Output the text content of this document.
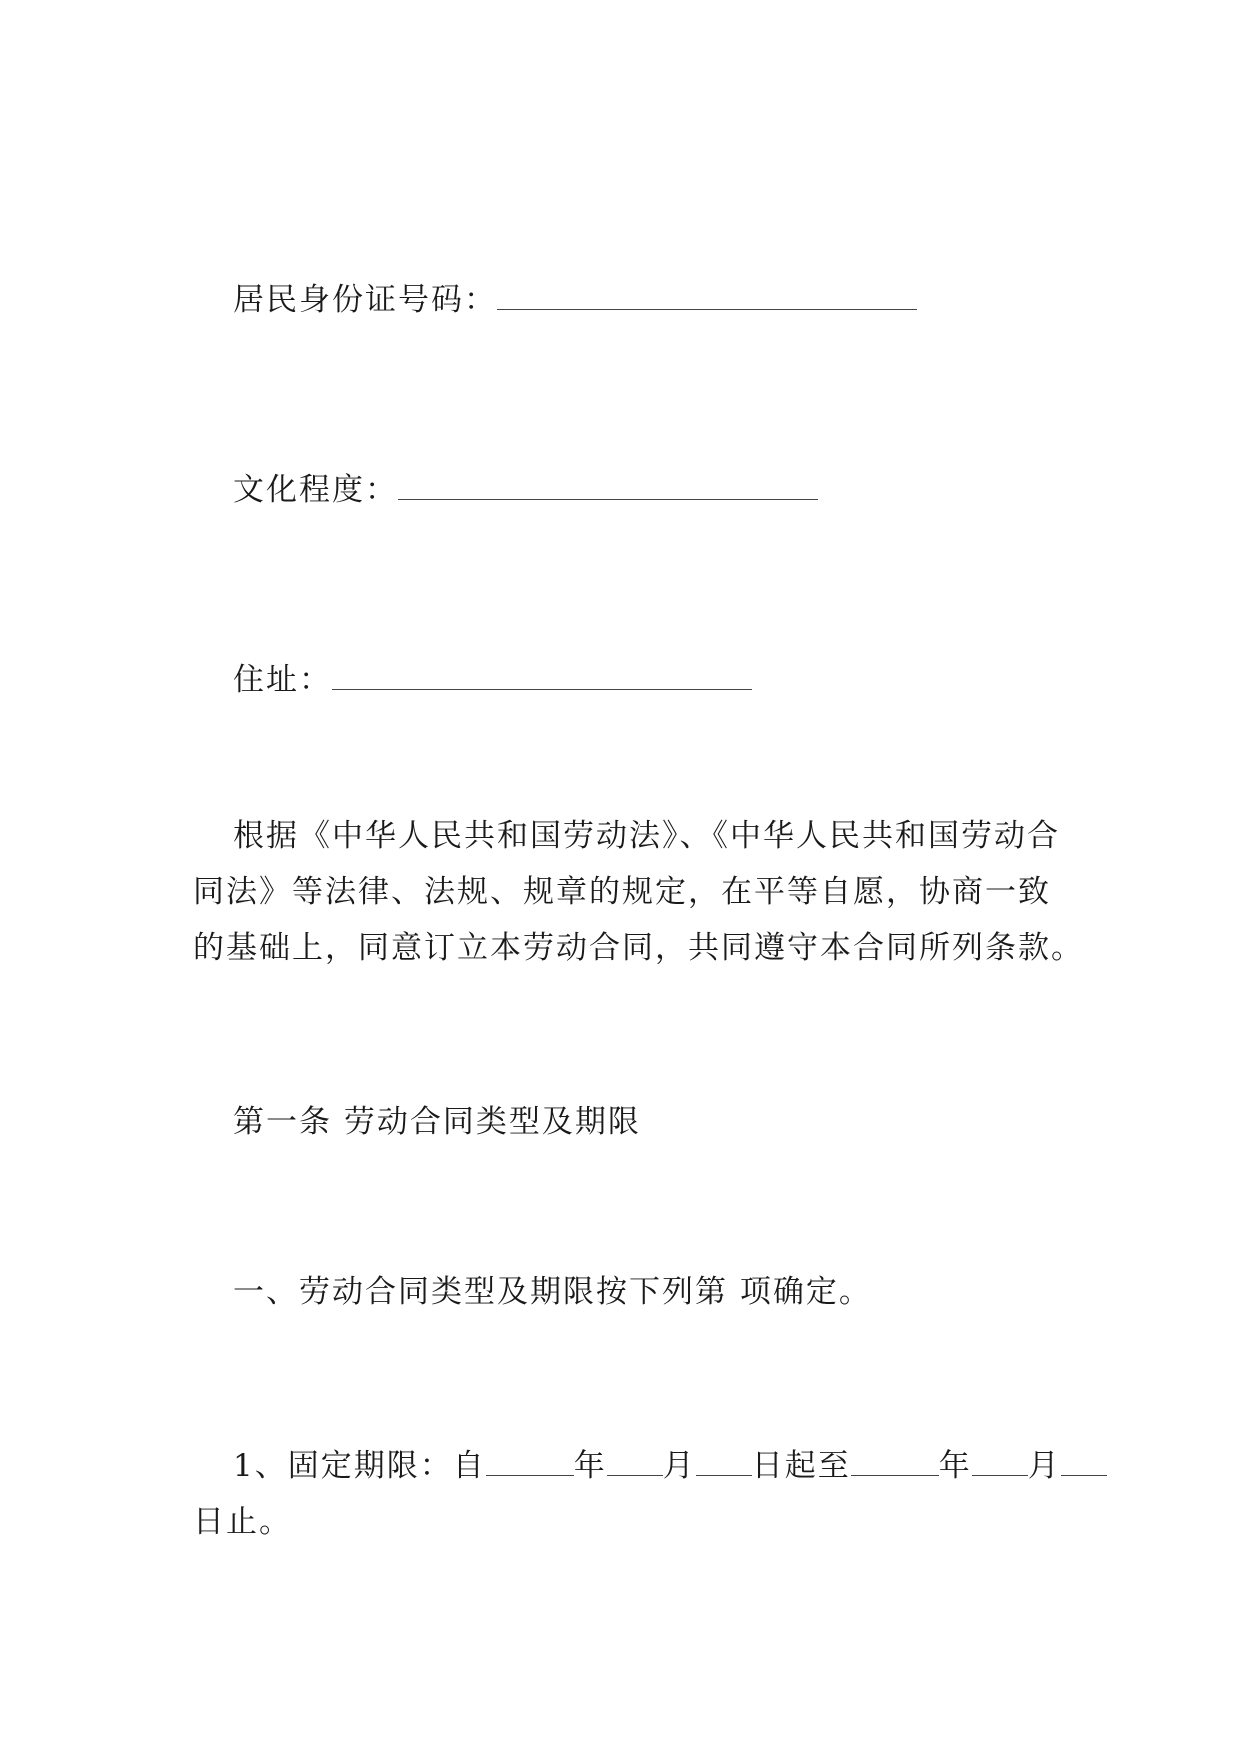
居民身份证号码：
文化程度：
住址：
根据《中华人民共和国劳动法》、《中华人民共和国劳动合
同法》等法律、法规、规章的规定，在平等自愿，协商一致
的基础上，同意订立本劳动合同，共同遵守本合同所列条款。
第一条 劳动合同类型及期限
一、劳动合同类型及期限按下列第 项确定。
1、固定期限：自	年 月 日起至	年 月
日止。
